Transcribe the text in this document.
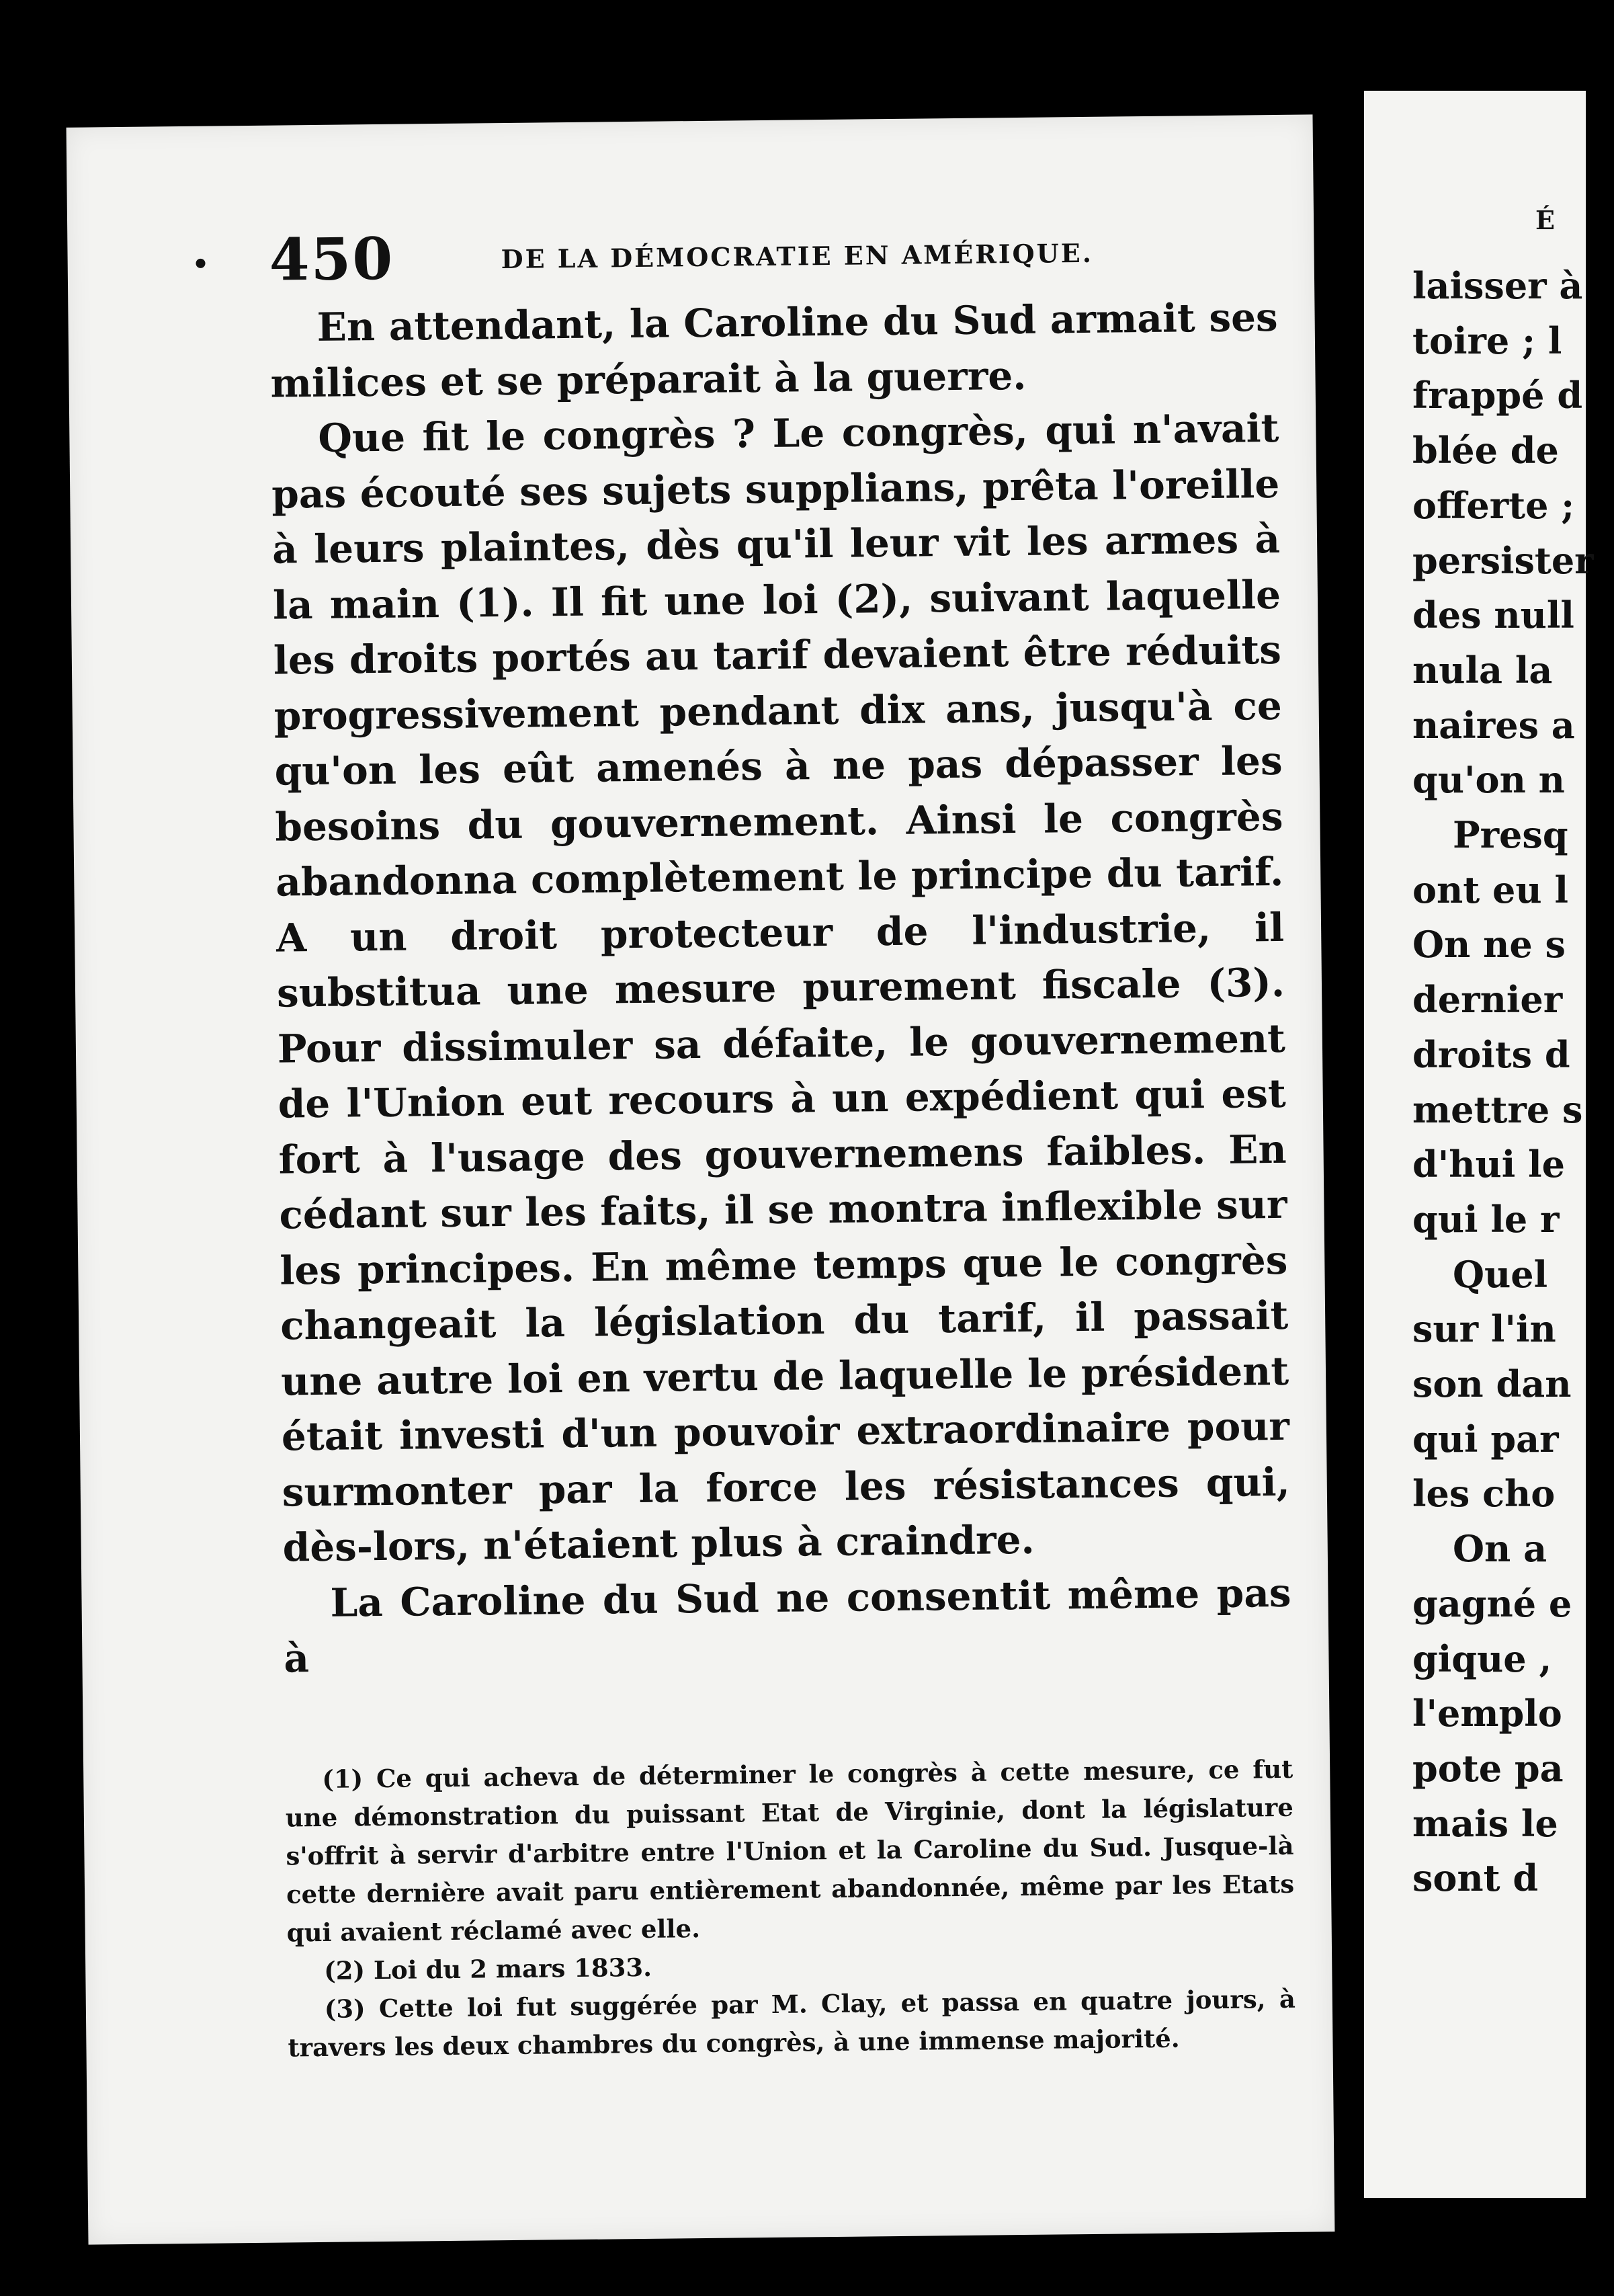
• 450	DE LA DÉMOCRATIE EN AMÉRIQUE.

En attendant, la Caroline du Sud armait ses milices et se préparait à la guerre.

Que fit le congrès ? Le congrès, qui n'avait pas écouté ses sujets supplians, prêta l'oreille à leurs plaintes, dès qu'il leur vit les armes à la main (1). Il fit une loi (2), suivant laquelle les droits portés au tarif devaient être réduits progressivement pendant dix ans, jusqu'à ce qu'on les eût amenés à ne pas dépasser les besoins du gouvernement. Ainsi le congrès abandonna complètement le principe du tarif. A un droit protecteur de l'industrie, il substitua une mesure purement fiscale (3). Pour dissimuler sa défaite, le gouvernement de l'Union eut recours à un expédient qui est fort à l'usage des gouvernemens faibles. En cédant sur les faits, il se montra inflexible sur les principes. En même temps que le congrès changeait la législation du tarif, il passait une autre loi en vertu de laquelle le président était investi d'un pouvoir extraordinaire pour surmonter par la force les résistances qui, dès-lors, n'étaient plus à craindre.

La Caroline du Sud ne consentit même pas à

(1) Ce qui acheva de déterminer le congrès à cette mesure, ce fut une démonstration du puissant Etat de Virginie, dont la législature s'offrit à servir d'arbitre entre l'Union et la Caroline du Sud. Jusque-là cette dernière avait paru entièrement abandonnée, même par les Etats qui avaient réclamé avec elle.

(2) Loi du 2 mars 1833.

(3) Cette loi fut suggérée par M. Clay, et passa en quatre jours, à travers les deux chambres du congrès, à une immense majorité.

É
laisser à
toire ; l
frappé d
blée de
offerte ;
persister
des null
nula la
naires a
qu'on n
Presq
ont eu l
On ne s
dernier
droits d
mettre s
d'hui le
qui le r
Quel
sur l'in
son dan
qui par
les cho
On a
gagné e
gique ,
l'emplo
pote pa
mais le
sont d
